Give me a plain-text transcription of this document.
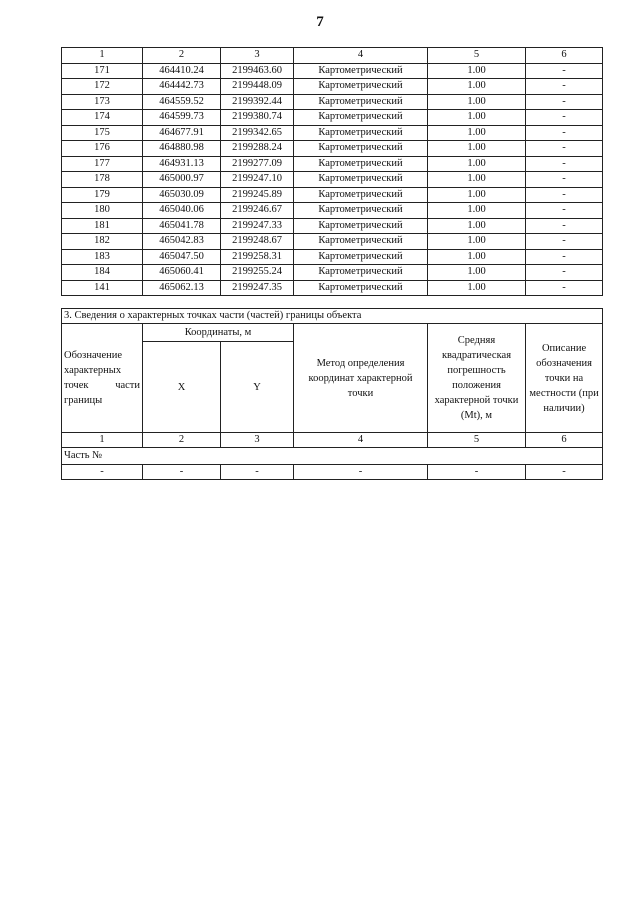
7
1	2	3	4	5	6
171	464410.24	2199463.60	Картометрический	1.00	-
172	464442.73	2199448.09	Картометрический	1.00	-
173	464559.52	2199392.44	Картометрический	1.00	-
174	464599.73	2199380.74	Картометрический	1.00	-
175	464677.91	2199342.65	Картометрический	1.00	-
176	464880.98	2199288.24	Картометрический	1.00	-
177	464931.13	2199277.09	Картометрический	1.00	-
178	465000.97	2199247.10	Картометрический	1.00	-
179	465030.09	2199245.89	Картометрический	1.00	-
180	465040.06	2199246.67	Картометрический	1.00	-
181	465041.78	2199247.33	Картометрический	1.00	-
182	465042.83	2199248.67	Картометрический	1.00	-
183	465047.50	2199258.31	Картометрический	1.00	-
184	465060.41	2199255.24	Картометрический	1.00	-
141	465062.13	2199247.35	Картометрический	1.00	-
3. Сведения о характерных точках части (частей) границы объекта					
Обозначение характерных точек части границы	Координаты, м		Метод определения координат характерной точки	Средняя квадратическая погрешность положения характерной точки (Mt), м	Описание обозначения точки на местности (при наличии)
	X	Y			
1	2	3	4	5	6
Часть №					
-	-	-	-	-	-
